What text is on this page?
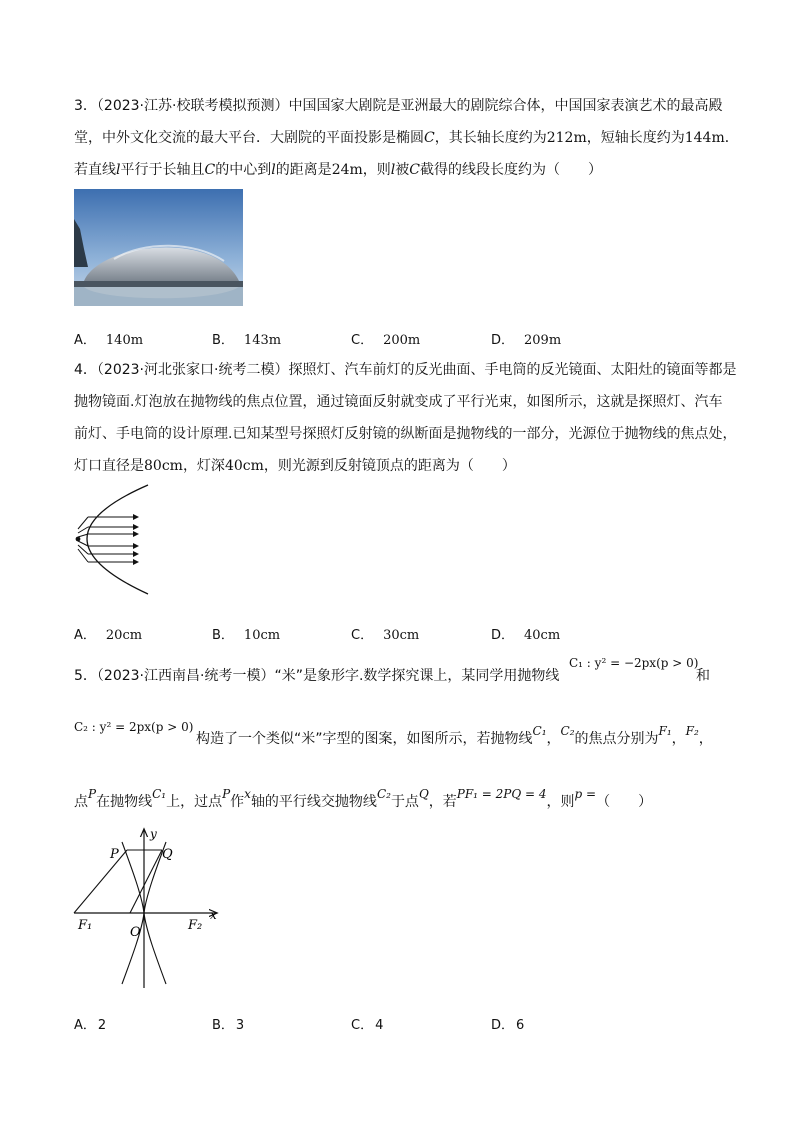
3．（2023·江苏·校联考模拟预测）中国国家大剧院是亚洲最大的剧院综合体，中国国家表演艺术的最高殿
堂，中外文化交流的最大平台．大剧院的平面投影是椭圆C，其长轴长度约为212m，短轴长度约为144m．
若直线l平行于长轴且C的中心到l的距离是24m，则l被C截得的线段长度约为（　　）
A． 140m	B． 143m	C． 200m	D． 209m
4．（2023·河北张家口·统考二模）探照灯、汽车前灯的反光曲面、手电筒的反光镜面、太阳灶的镜面等都是
抛物镜面.灯泡放在抛物线的焦点位置，通过镜面反射就变成了平行光束，如图所示，这就是探照灯、汽车
前灯、手电筒的设计原理.已知某型号探照灯反射镜的纵断面是抛物线的一部分，光源位于抛物线的焦点处，
灯口直径是80cm，灯深40cm，则光源到反射镜顶点的距离为（　　）
A． 20cm	B． 10cm	C． 30cm	D． 40cm
5．（2023·江西南昌·统考一模）“米”是象形字.数学探究课上，某同学用抛物线
C₁ : y² = −2px(p > 0)
和
C₂ : y² = 2px(p > 0)
构造了一个类似“米”字型的图案，如图所示，若抛物线C₁，C₂的焦点分别为F₁，F₂，
点P在抛物线C₁上，过点P作x轴的平行线交抛物线C₂于点Q，若PF₁ = 2PQ = 4，则p =（　　）
y
P	Q
F₁	O	F₂
x
A． 2	B． 3	C． 4	D． 6
